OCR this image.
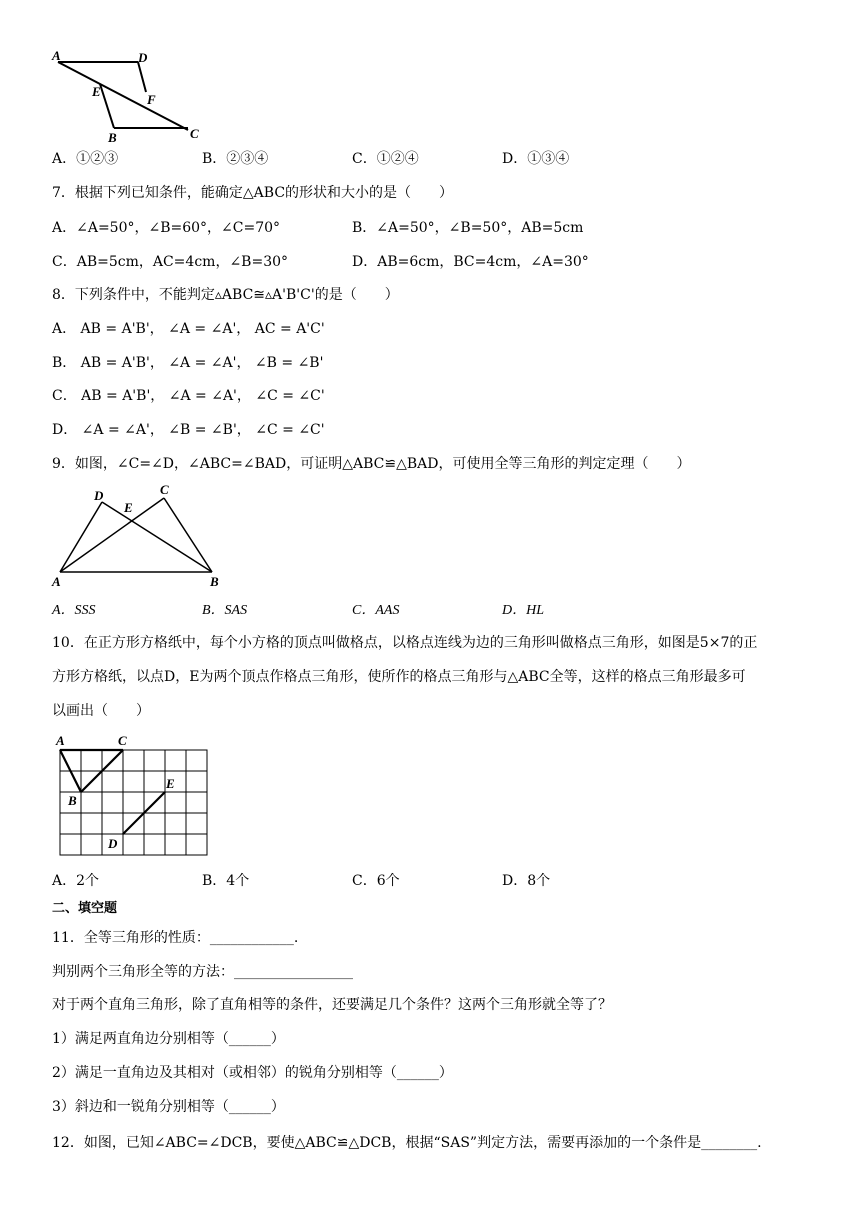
A	D
E
F
B	C
A．①②③	B．②③④	C．①②④	D．①③④
7．根据下列已知条件，能确定△ABC的形状和大小的是（　　）
A．∠A=50°，∠B=60°，∠C=70°	B．∠A=50°，∠B=50°，AB=5cm
C．AB=5cm，AC=4cm，∠B=30°	D．AB=6cm，BC=4cm，∠A=30°
8．下列条件中，不能判定▵ABC≅▵A'B'C'的是（　　）
A． AB = A'B'， ∠A = ∠A'， AC = A'C'
B． AB = A'B'， ∠A = ∠A'， ∠B = ∠B'
C． AB = A'B'， ∠A = ∠A'， ∠C = ∠C'
D． ∠A = ∠A'， ∠B = ∠B'， ∠C = ∠C'
9．如图，∠C=∠D，∠ABC=∠BAD，可证明△ABC≌△BAD，可使用全等三角形的判定定理（　　）
D	C
E
A	B
A．SSS	B．SAS	C．AAS	D．HL
10．在正方形方格纸中，每个小方格的顶点叫做格点，以格点连线为边的三角形叫做格点三角形，如图是5×7的正
方形方格纸，以点D，E为两个顶点作格点三角形，使所作的格点三角形与△ABC全等，这样的格点三角形最多可
以画出（　　）
A	C
B
E
D
A．2个	B．4个	C．6个	D．8个
二、填空题
11．全等三角形的性质：____________.
判别两个三角形全等的方法：_________________
对于两个直角三角形，除了直角相等的条件，还要满足几个条件？这两个三角形就全等了？
1）满足两直角边分别相等（______）
2）满足一直角边及其相对（或相邻）的锐角分别相等（______）
3）斜边和一锐角分别相等（______）
12．如图，已知∠ABC=∠DCB，要使△ABC≌△DCB，根据“SAS”判定方法，需要再添加的一个条件是________.
